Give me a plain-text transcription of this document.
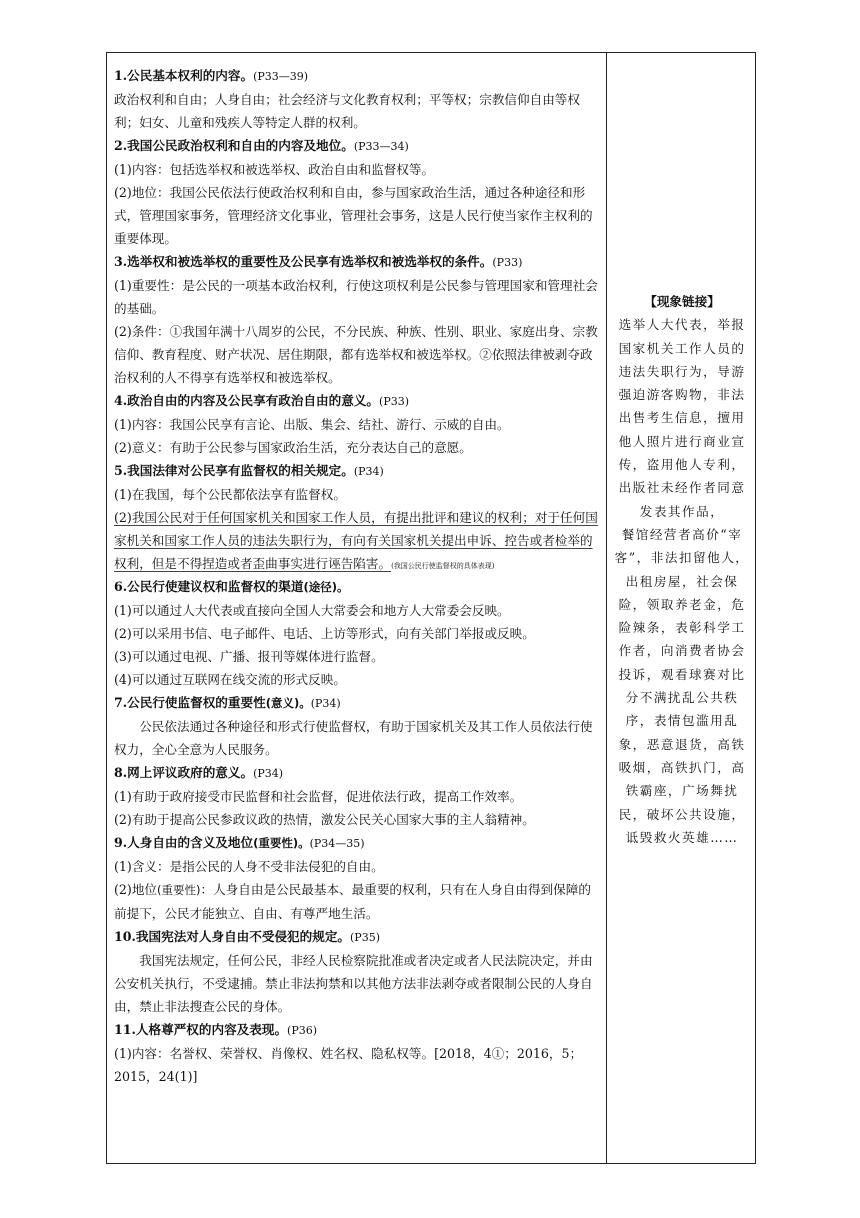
1.公民基本权利的内容。(P33—39)

政治权利和自由；人身自由；社会经济与文化教育权利；平等权；宗教信仰自由等权利；妇女、儿童和残疾人等特定人群的权利。

2.我国公民政治权利和自由的内容及地位。(P33—34)

(1)内容：包括选举权和被选举权、政治自由和监督权等。

(2)地位：我国公民依法行使政治权利和自由，参与国家政治生活，通过各种途径和形式，管理国家事务，管理经济文化事业，管理社会事务，这是人民行使当家作主权利的重要体现。

3.选举权和被选举权的重要性及公民享有选举权和被选举权的条件。(P33)

(1)重要性：是公民的一项基本政治权利，行使这项权利是公民参与管理国家和管理社会的基础。

(2)条件：①我国年满十八周岁的公民，不分民族、种族、性别、职业、家庭出身、宗教信仰、教育程度、财产状况、居住期限，都有选举权和被选举权。②依照法律被剥夺政治权利的人不得享有选举权和被选举权。

4.政治自由的内容及公民享有政治自由的意义。(P33)

(1)内容：我国公民享有言论、出版、集会、结社、游行、示威的自由。

(2)意义：有助于公民参与国家政治生活，充分表达自己的意愿。

5.我国法律对公民享有监督权的相关规定。(P34)

(1)在我国，每个公民都依法享有监督权。

(2)我国公民对于任何国家机关和国家工作人员，有提出批评和建议的权利；对于任何国家机关和国家工作人员的违法失职行为，有向有关国家机关提出申诉、控告或者检举的权利，但是不得捏造或者歪曲事实进行诬告陷害。(我国公民行使监督权的具体表现)

6.公民行使建议权和监督权的渠道(途径)。

(1)可以通过人大代表或直接向全国人大常委会和地方人大常委会反映。

(2)可以采用书信、电子邮件、电话、上访等形式，向有关部门举报或反映。

(3)可以通过电视、广播、报刊等媒体进行监督。

(4)可以通过互联网在线交流的形式反映。

7.公民行使监督权的重要性(意义)。(P34)

公民依法通过各种途径和形式行使监督权，有助于国家机关及其工作人员依法行使权力，全心全意为人民服务。

8.网上评议政府的意义。(P34)

(1)有助于政府接受市民监督和社会监督，促进依法行政，提高工作效率。

(2)有助于提高公民参政议政的热情，激发公民关心国家大事的主人翁精神。

9.人身自由的含义及地位(重要性)。(P34—35)

(1)含义：是指公民的人身不受非法侵犯的自由。

(2)地位(重要性)：人身自由是公民最基本、最重要的权利，只有在人身自由得到保障的前提下，公民才能独立、自由、有尊严地生活。

10.我国宪法对人身自由不受侵犯的规定。(P35)

我国宪法规定，任何公民，非经人民检察院批准或者决定或者人民法院决定，并由公安机关执行，不受逮捕。禁止非法拘禁和以其他方法非法剥夺或者限制公民的人身自由，禁止非法搜查公民的身体。

11.人格尊严权的内容及表现。(P36)

(1)内容：名誉权、荣誉权、肖像权、姓名权、隐私权等。[2018，4①；2016，5；2015，24(1)]

【现象链接】
选举人大代表，举报国家机关工作人员的违法失职行为，导游强迫游客购物，非法出售考生信息，擅用他人照片进行商业宣传，盗用他人专利，出版社未经作者同意发表其作品，
餐馆经营者高价“宰客”，非法扣留他人，出租房屋，社会保险，领取养老金，危险辣条，表彰科学工作者，向消费者协会投诉，观看球赛对比分不满扰乱公共秩序，表情包滥用乱象，恶意退货，高铁吸烟，高铁扒门，高铁霸座，广场舞扰民，破坏公共设施，诋毁救火英雄……
